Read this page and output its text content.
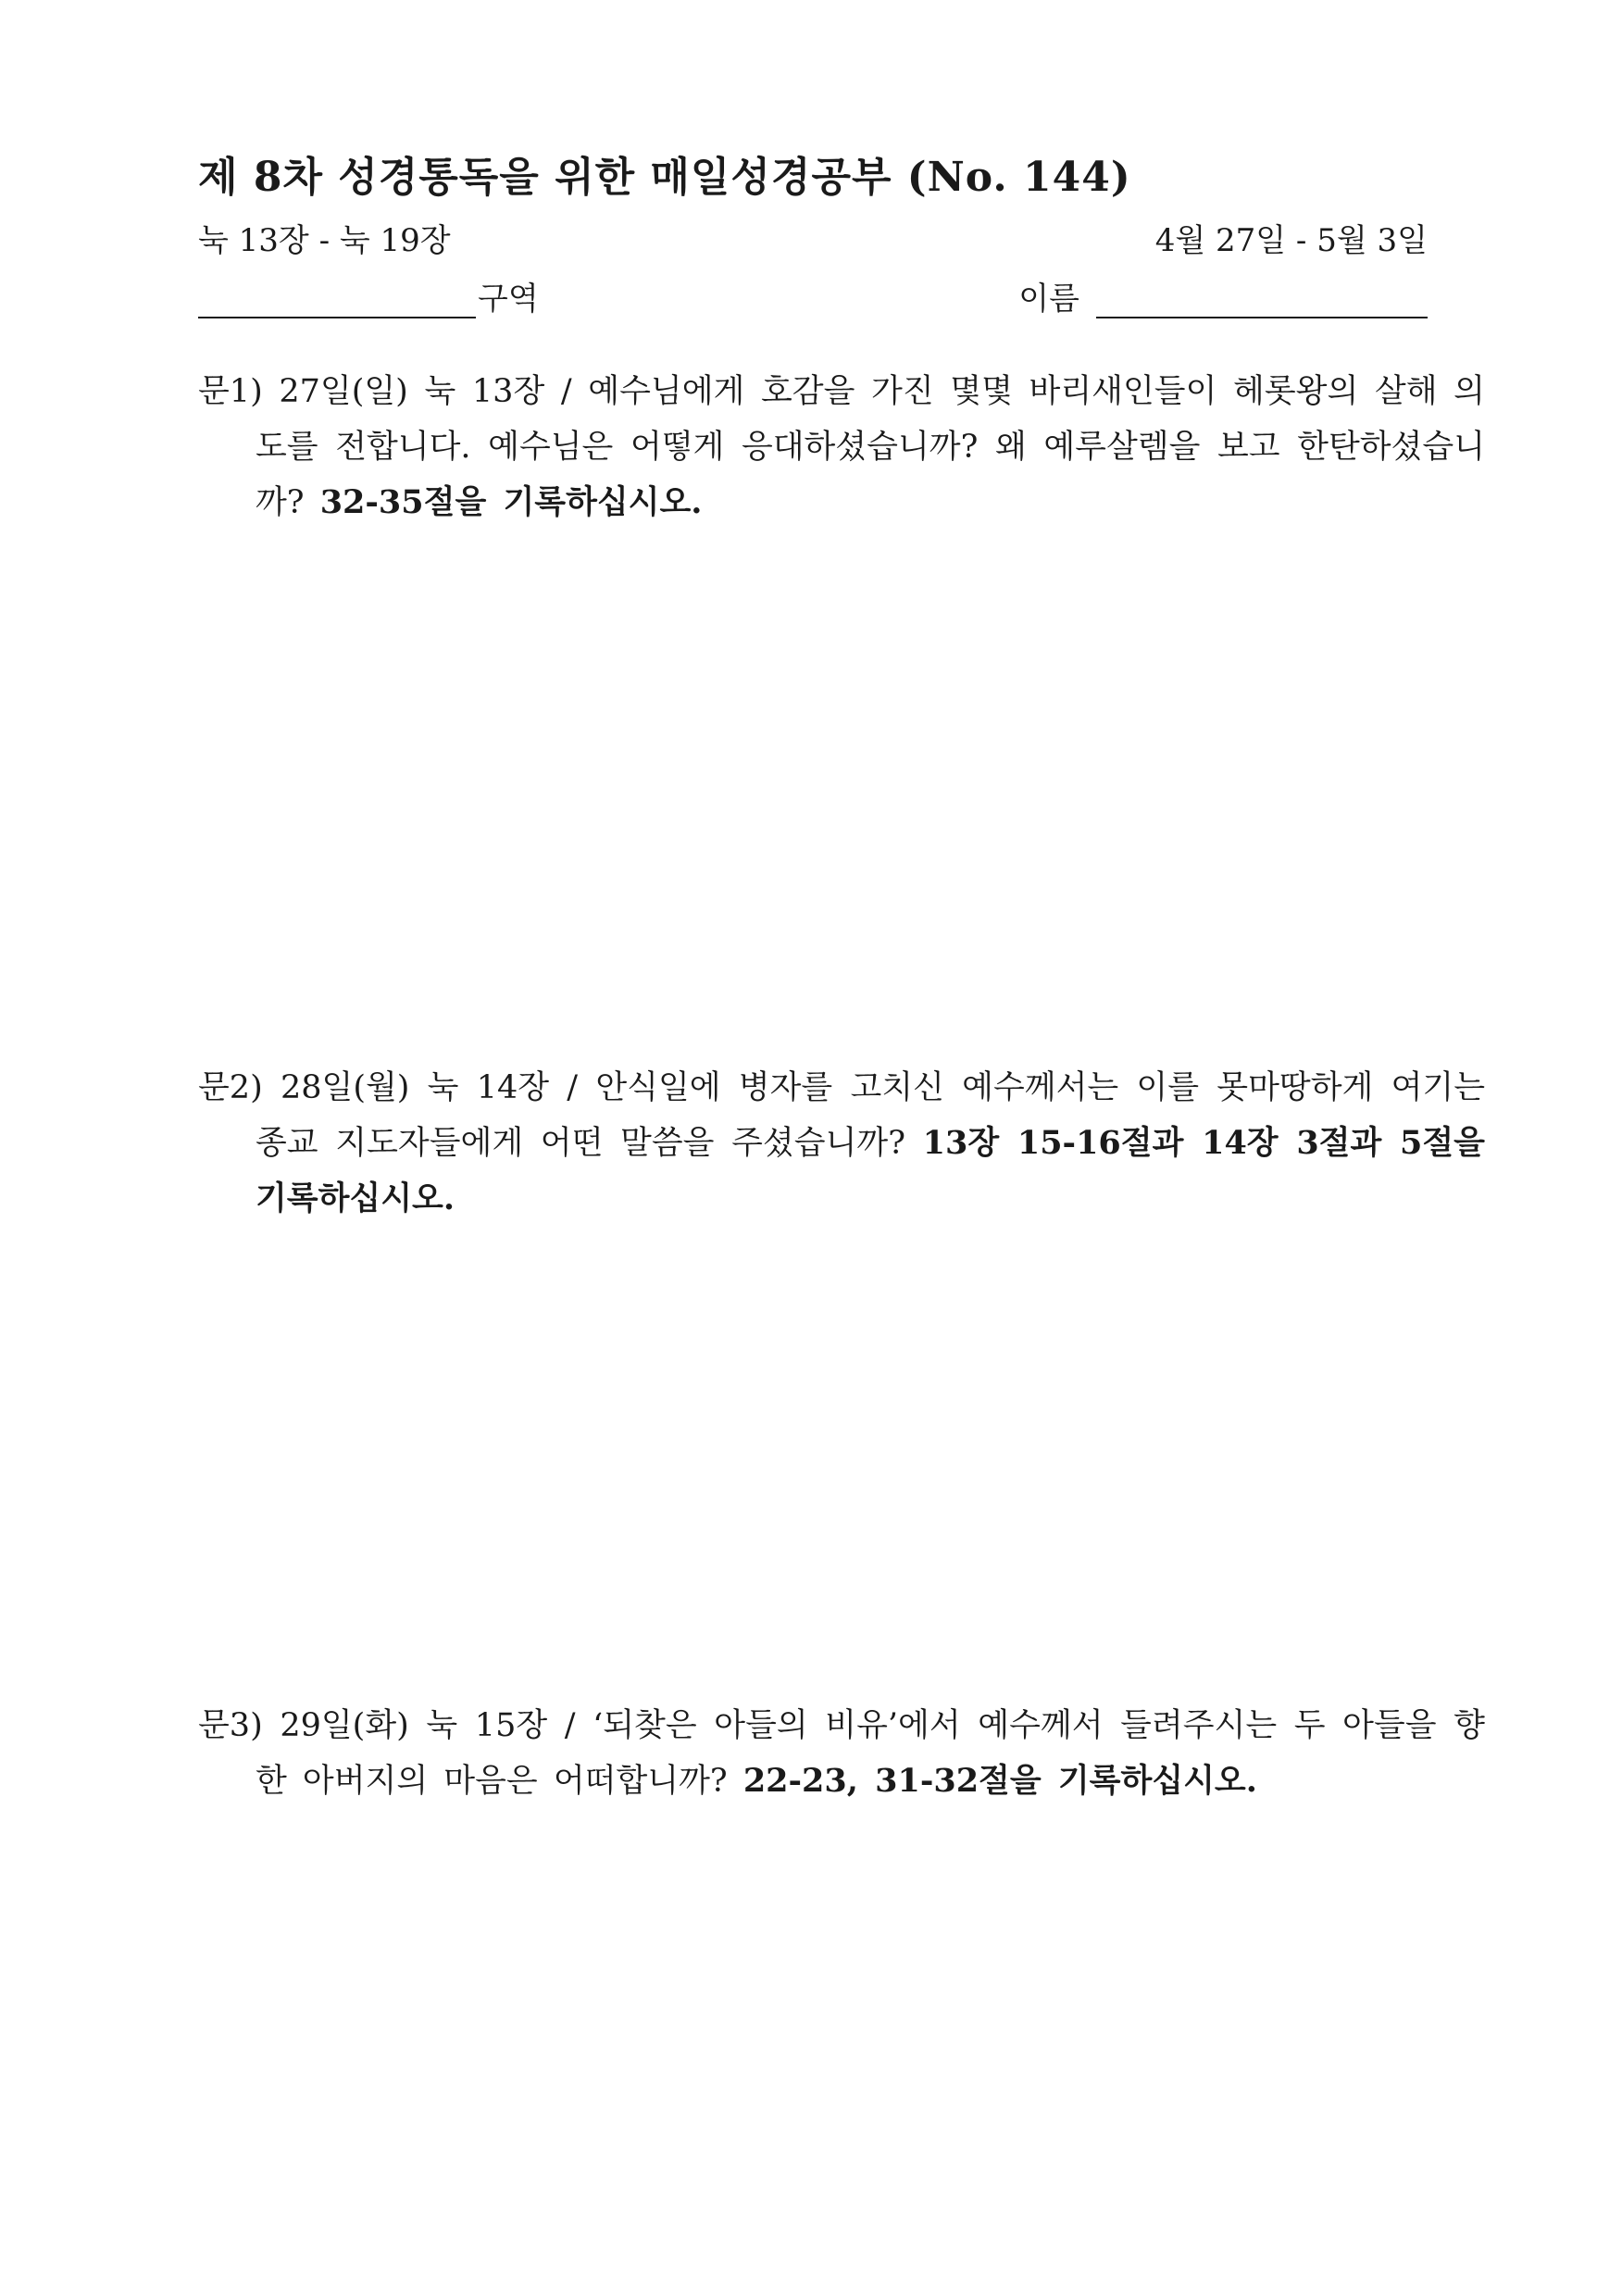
제 8차 성경통독을 위한 매일성경공부 (No. 144)
눅 13장 - 눅 19장	4월 27일 - 5월 3일
구역	이름
문1) 27일(일) 눅 13장 / 예수님에게 호감을 가진 몇몇 바리새인들이 헤롯왕의 살해 의도를 전합니다. 예수님은 어떻게 응대하셨습니까? 왜 예루살렘을 보고 한탄하셨습니까? 32-35절을 기록하십시오.
문2) 28일(월) 눅 14장 / 안식일에 병자를 고치신 예수께서는 이를 못마땅하게 여기는 종교 지도자들에게 어떤 말씀을 주셨습니까? 13장 15-16절과 14장 3절과 5절을 기록하십시오.
문3) 29일(화) 눅 15장 / ‘되찾은 아들의 비유’에서 예수께서 들려주시는 두 아들을 향한 아버지의 마음은 어떠합니까? 22-23, 31-32절을 기록하십시오.
